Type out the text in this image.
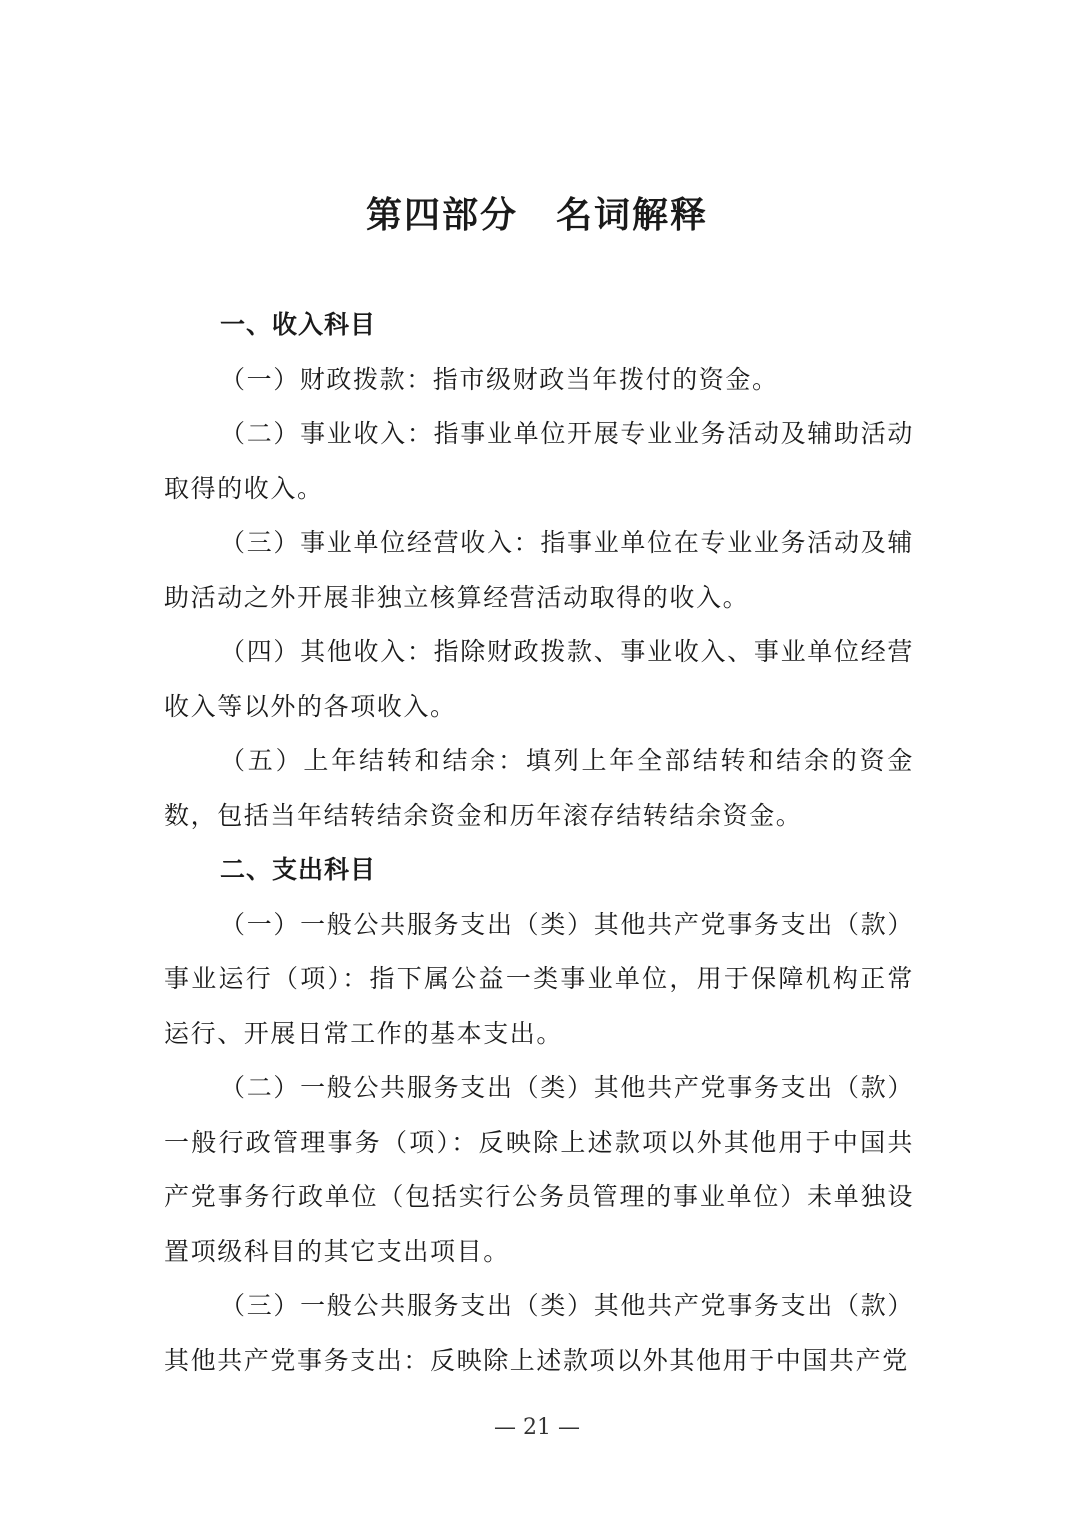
第四部分　名词解释
一、收入科目

（一）财政拨款：指市级财政当年拨付的资金。

（二）事业收入：指事业单位开展专业业务活动及辅助活动取得的收入。

（三）事业单位经营收入：指事业单位在专业业务活动及辅助活动之外开展非独立核算经营活动取得的收入。

（四）其他收入：指除财政拨款、事业收入、事业单位经营收入等以外的各项收入。

（五）上年结转和结余：填列上年全部结转和结余的资金数，包括当年结转结余资金和历年滚存结转结余资金。

二、支出科目

（一）一般公共服务支出（类）其他共产党事务支出（款）事业运行（项）：指下属公益一类事业单位，用于保障机构正常运行、开展日常工作的基本支出。

（二）一般公共服务支出（类）其他共产党事务支出（款）一般行政管理事务（项）：反映除上述款项以外其他用于中国共产党事务行政单位（包括实行公务员管理的事业单位）未单独设置项级科目的其它支出项目。

（三）一般公共服务支出（类）其他共产党事务支出（款）其他共产党事务支出：反映除上述款项以外其他用于中国共产党

— 21 —
